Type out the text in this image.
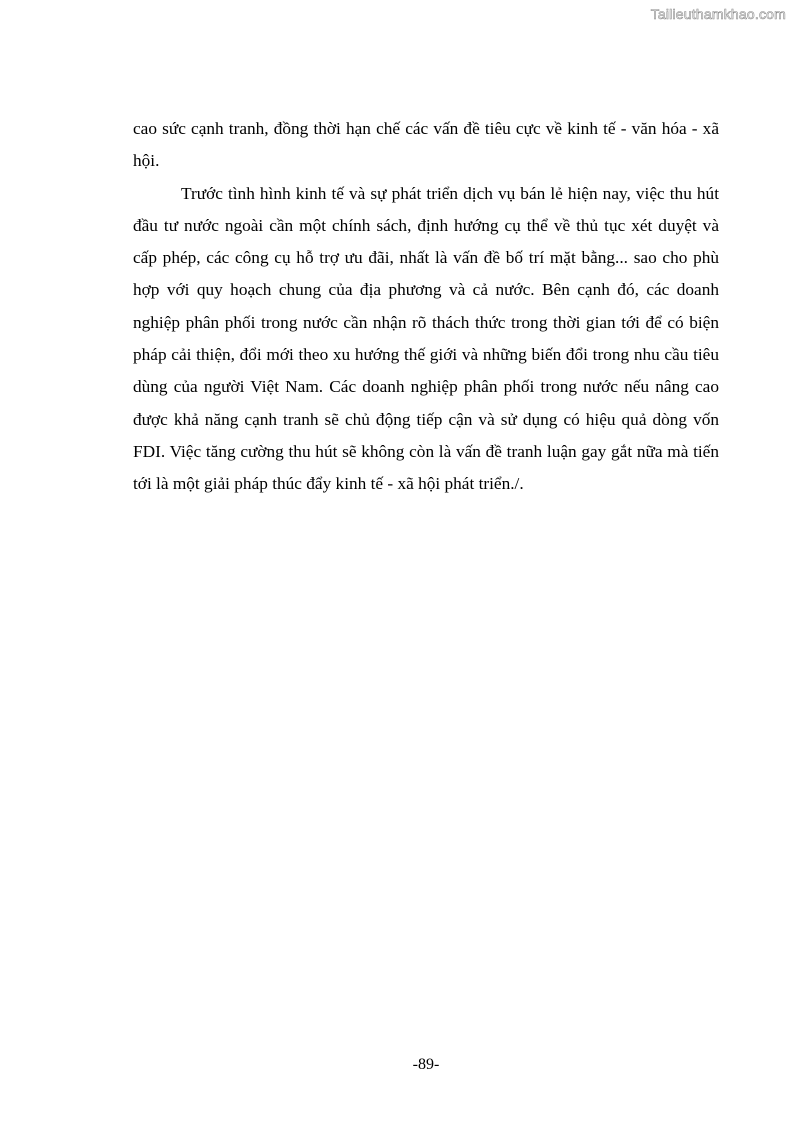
Tailieuthamkhao.com

cao sức cạnh tranh, đồng thời hạn chế các vấn đề tiêu cực về kinh tế - văn hóa - xã hội.

Trước tình hình kinh tế và sự phát triển dịch vụ bán lẻ hiện nay, việc thu hút đầu tư nước ngoài cần một chính sách, định hướng cụ thể về thủ tục xét duyệt và cấp phép, các công cụ hỗ trợ ưu đãi, nhất là vấn đề bố trí mặt bằng... sao cho phù hợp với quy hoạch chung của địa phương và cả nước. Bên cạnh đó, các doanh nghiệp phân phối trong nước cần nhận rõ thách thức trong thời gian tới để có biện pháp cải thiện, đổi mới theo xu hướng thế giới và những biến đổi trong nhu cầu tiêu dùng của người Việt Nam. Các doanh nghiệp phân phối trong nước nếu nâng cao được khả năng cạnh tranh sẽ chủ động tiếp cận và sử dụng có hiệu quả dòng vốn FDI. Việc tăng cường thu hút sẽ không còn là vấn đề tranh luận gay gắt nữa mà tiến tới là một giải pháp thúc đẩy kinh tế - xã hội phát triển./.

-89-
